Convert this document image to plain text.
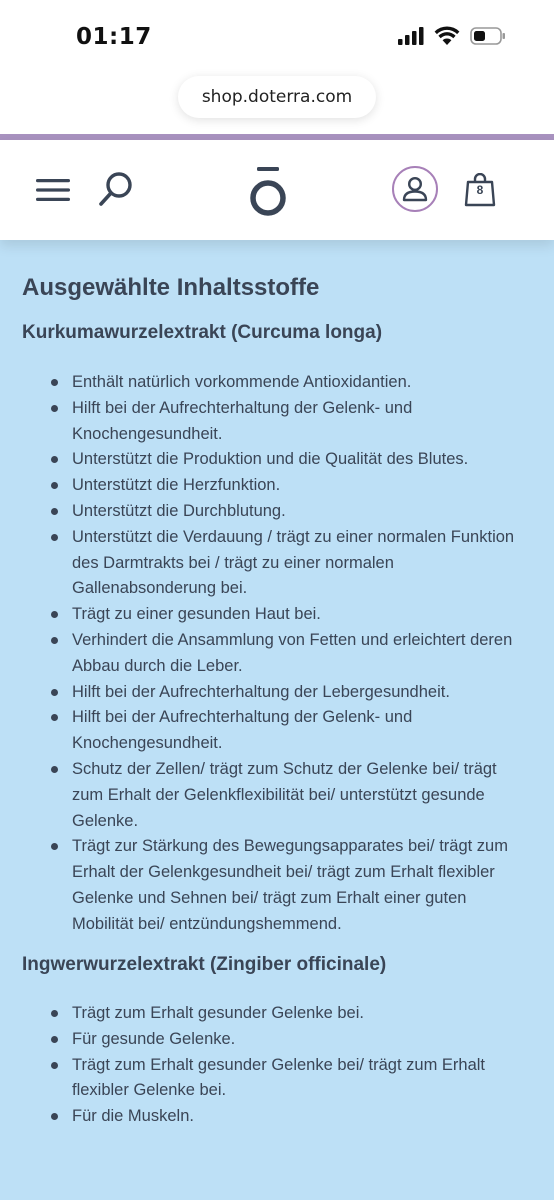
01:17
shop.doterra.com
8
Ausgewählte Inhaltsstoffe
Kurkumawurzelextrakt (Curcuma longa)
Enthält natürlich vorkommende Antioxidantien.
Hilft bei der Aufrechterhaltung der Gelenk- und Knochengesundheit.
Unterstützt die Produktion und die Qualität des Blutes.
Unterstützt die Herzfunktion.
Unterstützt die Durchblutung.
Unterstützt die Verdauung / trägt zu einer normalen Funktion des Darmtrakts bei / trägt zu einer normalen Gallenabsonderung bei.
Trägt zu einer gesunden Haut bei.
Verhindert die Ansammlung von Fetten und erleichtert deren Abbau durch die Leber.
Hilft bei der Aufrechterhaltung der Lebergesundheit.
Hilft bei der Aufrechterhaltung der Gelenk- und Knochengesundheit.
Schutz der Zellen/ trägt zum Schutz der Gelenke bei/ trägt zum Erhalt der Gelenkflexibilität bei/ unterstützt gesunde Gelenke.
Trägt zur Stärkung des Bewegungsapparates bei/ trägt zum Erhalt der Gelenkgesundheit bei/ trägt zum Erhalt flexibler Gelenke und Sehnen bei/ trägt zum Erhalt einer guten Mobilität bei/ entzündungshemmend.
Ingwerwurzelextrakt (Zingiber officinale)
Trägt zum Erhalt gesunder Gelenke bei.
Für gesunde Gelenke.
Trägt zum Erhalt gesunder Gelenke bei/ trägt zum Erhalt flexibler Gelenke bei.
Für die Muskeln.
